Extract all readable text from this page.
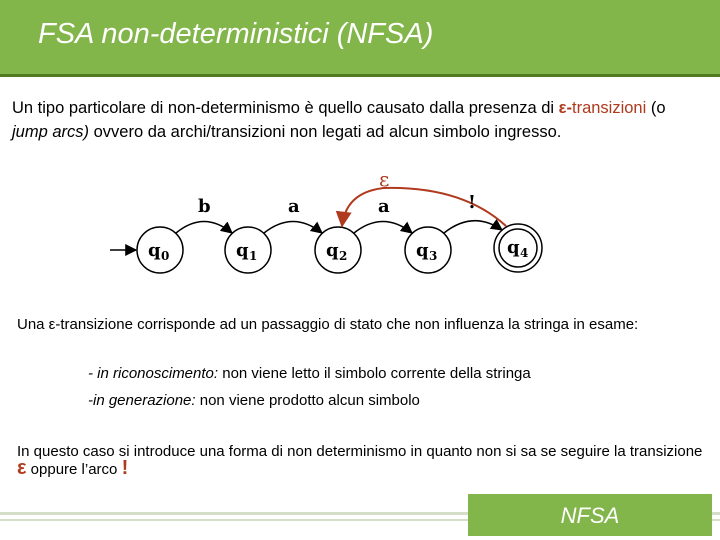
FSA non-deterministici (NFSA)

Un tipo particolare di non-determinismo è quello causato dalla presenza di ε-transizioni (o jump arcs) ovvero da archi/transizioni non legati ad alcun simbolo ingresso.

q 0	q 1	q 2	q 3	q 4
b	a	a	!
ε

Una ε-transizione corrisponde ad un passaggio di stato che non influenza la stringa in esame:

- in riconoscimento: non viene letto il simbolo corrente della stringa

-in generazione: non viene prodotto alcun simbolo

In questo caso si introduce una forma di non determinismo in quanto non si sa se seguire la transizione ε oppure l’arco !

NFSA
